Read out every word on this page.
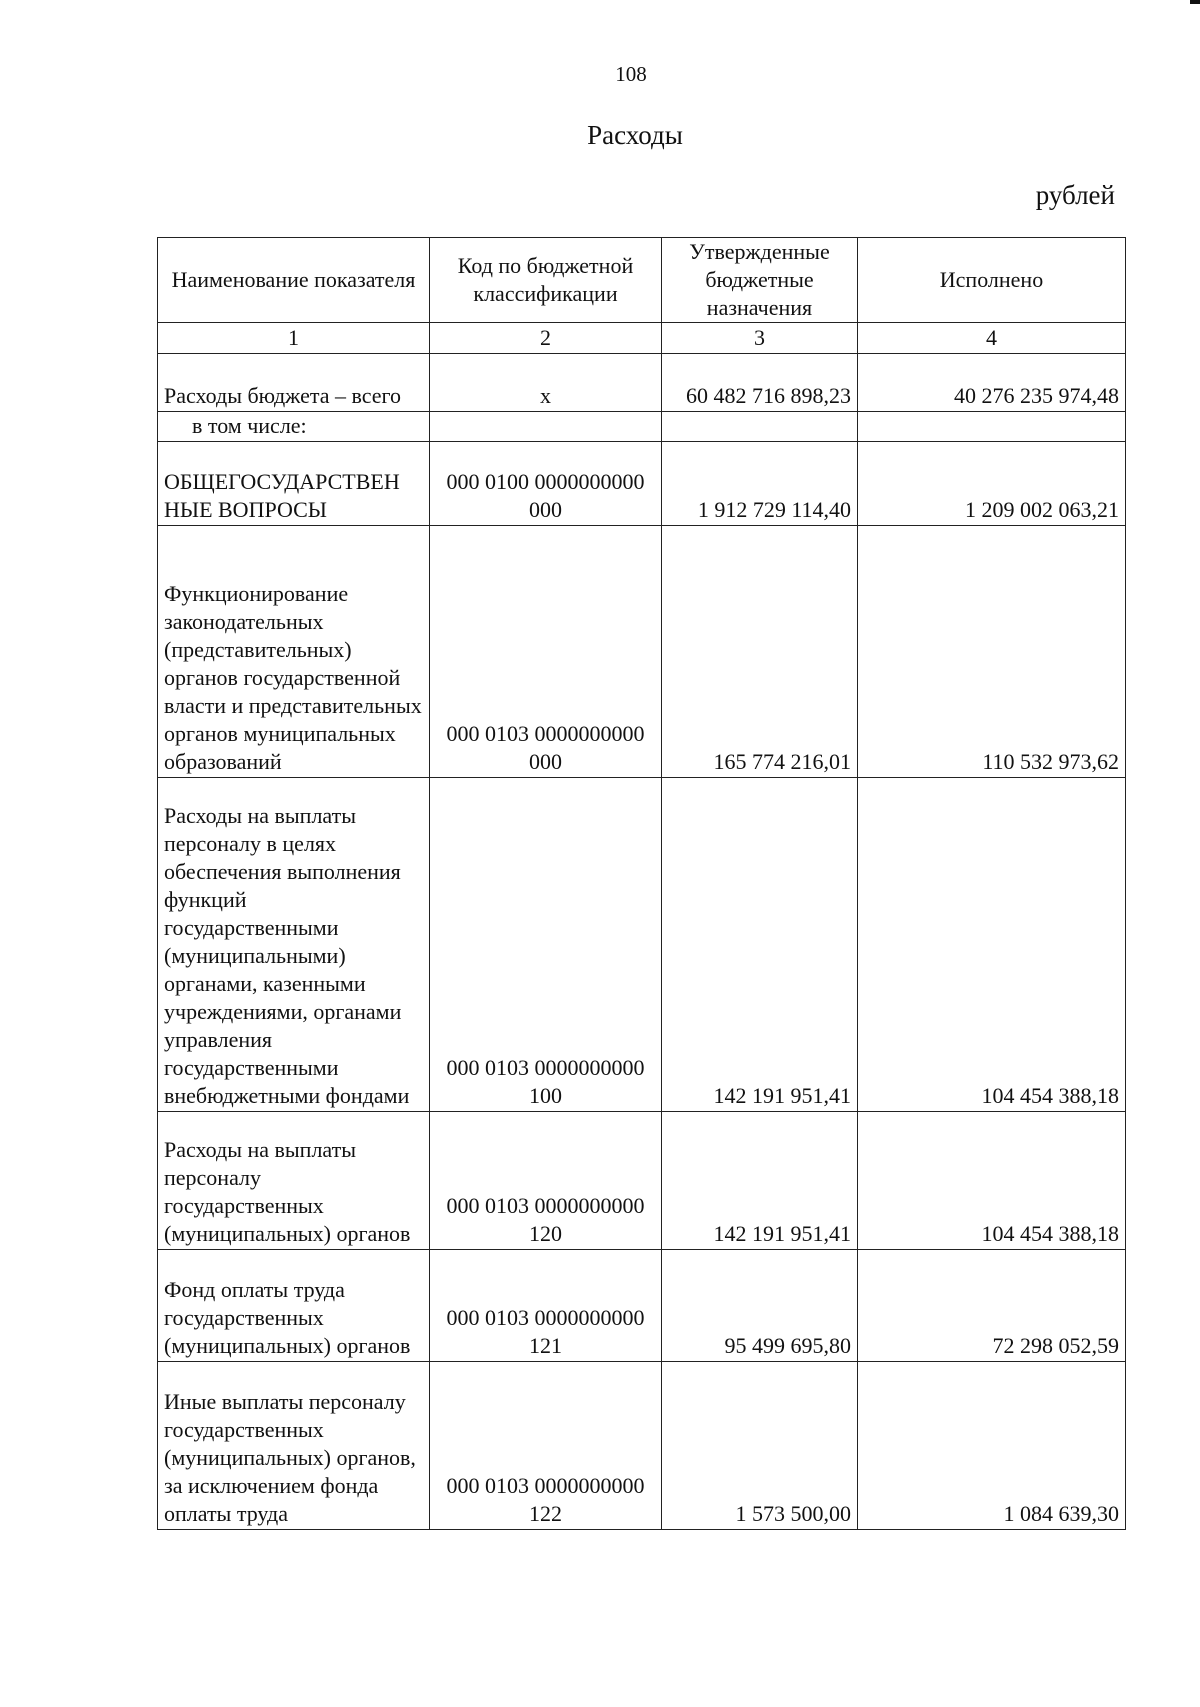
108
Расходы
рублей
Наименование показателя	Код по бюджетной классификации	Утвержденные бюджетные назначения	Исполнено
1	2	3	4
Расходы бюджета – всего	x	60 482 716 898,23	40 276 235 974,48
в том числе:			
ОБЩЕГОСУДАРСТВЕН НЫЕ ВОПРОСЫ	000 0100 0000000000 000	1 912 729 114,40	1 209 002 063,21
Функционирование законодательных (представительных) органов государственной власти и представительных органов муниципальных образований	000 0103 0000000000 000	165 774 216,01	110 532 973,62
Расходы на выплаты персоналу в целях обеспечения выполнения функций государственными (муниципальными) органами, казенными учреждениями, органами управления государственными внебюджетными фондами	000 0103 0000000000 100	142 191 951,41	104 454 388,18
Расходы на выплаты персоналу государственных (муниципальных) органов	000 0103 0000000000 120	142 191 951,41	104 454 388,18
Фонд оплаты труда государственных (муниципальных) органов	000 0103 0000000000 121	95 499 695,80	72 298 052,59
Иные выплаты персоналу государственных (муниципальных) органов, за исключением фонда оплаты труда	000 0103 0000000000 122	1 573 500,00	1 084 639,30
